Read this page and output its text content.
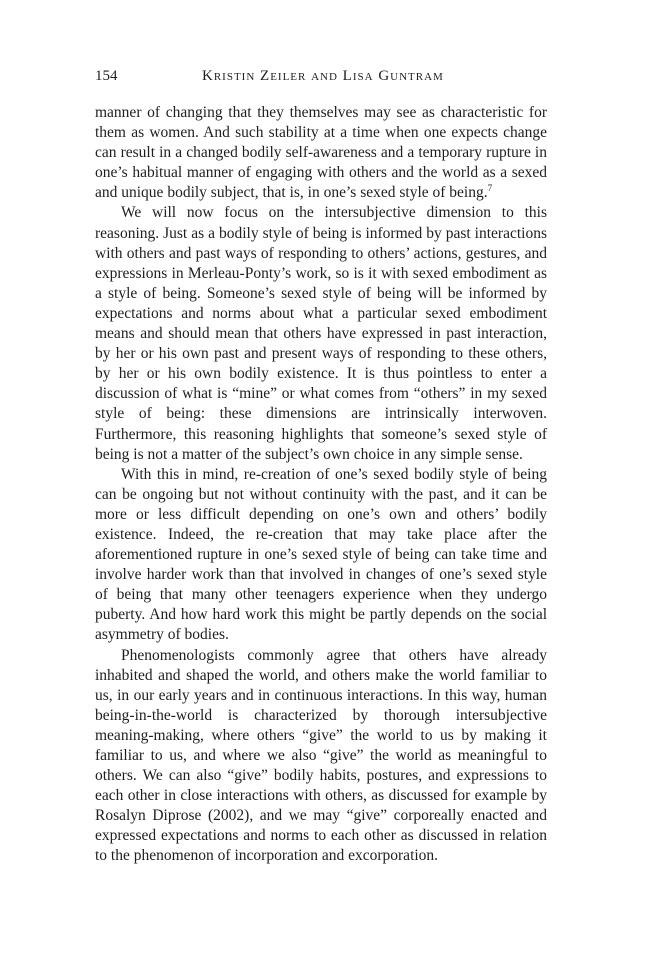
154	Kristin Zeiler and Lisa Guntram

manner of changing that they themselves may see as characteristic for them as women. And such stability at a time when one expects change can result in a changed bodily self-awareness and a temporary rupture in one’s habitual manner of engaging with others and the world as a sexed and unique bodily subject, that is, in one’s sexed style of being.$^7$

We will now focus on the intersubjective dimension to this reasoning. Just as a bodily style of being is informed by past interactions with others and past ways of responding to others’ actions, gestures, and expressions in Merleau-Ponty’s work, so is it with sexed embodiment as a style of being. Someone’s sexed style of being will be informed by expectations and norms about what a particular sexed embodiment means and should mean that others have expressed in past interaction, by her or his own past and present ways of responding to these others, by her or his own bodily existence. It is thus pointless to enter a discussion of what is “mine” or what comes from “others” in my sexed style of being: these dimensions are intrinsically interwoven. Furthermore, this reasoning highlights that someone’s sexed style of being is not a matter of the subject’s own choice in any simple sense.

With this in mind, re-creation of one’s sexed bodily style of being can be ongoing but not without continuity with the past, and it can be more or less difficult depending on one’s own and others’ bodily existence. Indeed, the re-creation that may take place after the aforementioned rupture in one’s sexed style of being can take time and involve harder work than that involved in changes of one’s sexed style of being that many other teenagers experience when they undergo puberty. And how hard work this might be partly depends on the social asymmetry of bodies.

Phenomenologists commonly agree that others have already inhabited and shaped the world, and others make the world familiar to us, in our early years and in continuous interactions. In this way, human being-in-the-world is characterized by thorough intersubjective meaning-making, where others “give” the world to us by making it familiar to us, and where we also “give” the world as meaningful to others. We can also “give” bodily habits, postures, and expressions to each other in close interactions with others, as discussed for example by Rosalyn Diprose (2002), and we may “give” corporeally enacted and expressed expectations and norms to each other as discussed in relation to the phenomenon of incorporation and excorporation.
